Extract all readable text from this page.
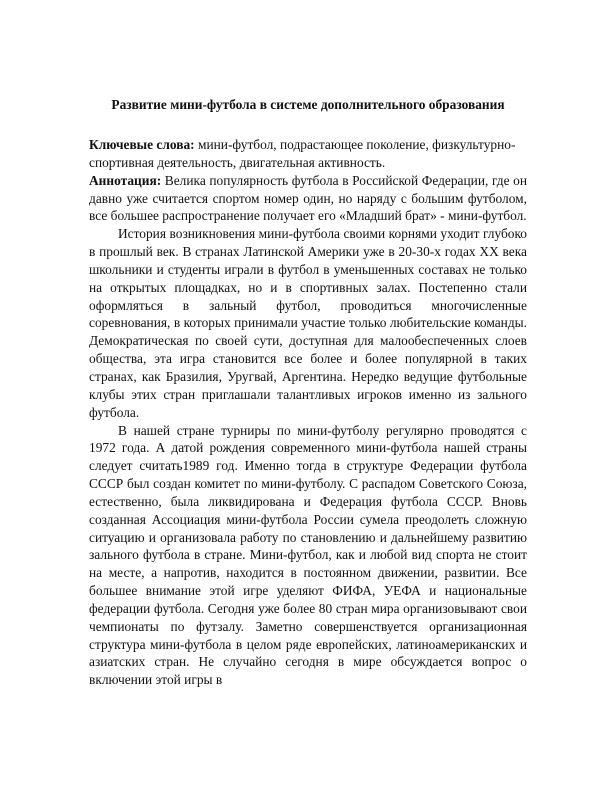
Развитие мини-футбола в системе дополнительного образования

Ключевые слова: мини-футбол, подрастающее поколение, физкультурно-спортивная деятельность, двигательная активность.

Аннотация: Велика популярность футбола в Российской Федерации, где он давно уже считается спортом номер один, но наряду с большим футболом, все большее распространение получает его «Младший брат» - мини-футбол.

История возникновения мини-футбола своими корнями уходит глубоко в прошлый век. В странах Латинской Америки уже в 20-30-х годах XX века школьники и студенты играли в футбол в уменьшенных составах не только на открытых площадках, но и в спортивных залах. Постепенно стали оформляться в зальный футбол, проводиться многочисленные соревнования, в которых принимали участие только любительские команды. Демократическая по своей сути, доступная для малообеспеченных слоев общества, эта игра становится все более и более популярной в таких странах, как Бразилия, Уругвай, Аргентина. Нередко ведущие футбольные клубы этих стран приглашали талантливых игроков именно из зального футбола.

В нашей стране турниры по мини-футболу регулярно проводятся с 1972 года. А датой рождения современного мини-футбола нашей страны следует считать1989 год. Именно тогда в структуре Федерации футбола СССР был создан комитет по мини-футболу. С распадом Советского Союза, естественно, была ликвидирована и Федерация футбола СССР. Вновь созданная Ассоциация мини-футбола России сумела преодолеть сложную ситуацию и организовала работу по становлению и дальнейшему развитию зального футбола в стране. Мини-футбол, как и любой вид спорта не стоит на месте, а напротив, находится в постоянном движении, развитии. Все большее внимание этой игре уделяют ФИФА, УЕФА и национальные федерации футбола. Сегодня уже более 80 стран мира организовывают свои чемпионаты по футзалу. Заметно совершенствуется организационная структура мини-футбола в целом ряде европейских, латиноамериканских и азиатских стран. Не случайно сегодня в мире обсуждается вопрос о включении этой игры в
